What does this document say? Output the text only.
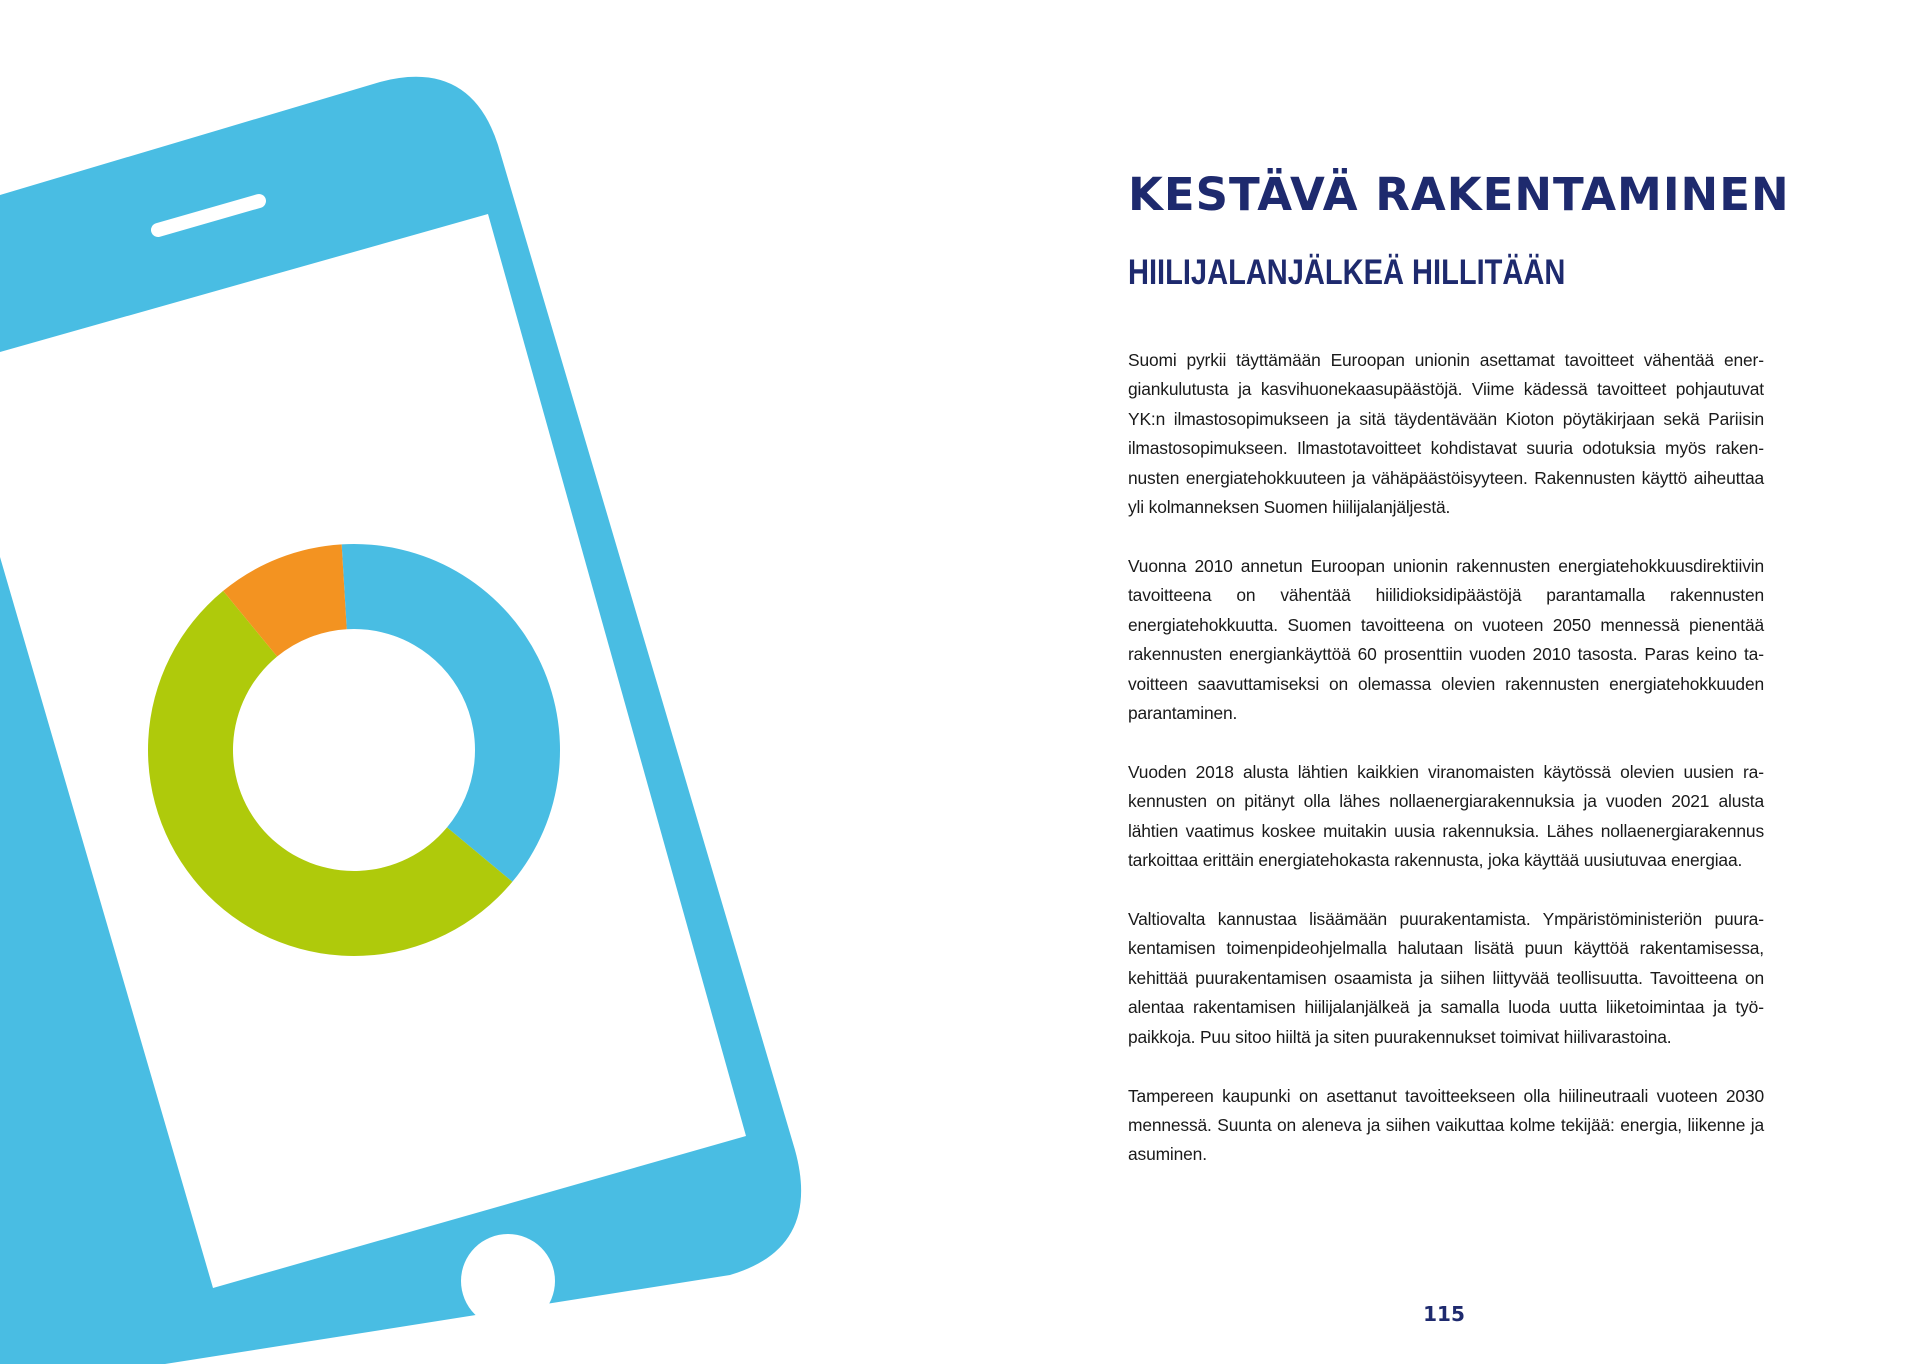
KESTÄVÄ RAKENTAMINEN
HIILIJALANJÄLKEÄ HILLITÄÄN

Suomi pyrkii täyttämään Euroopan unionin asettamat tavoitteet vähentää energiankulutusta ja kasvihuonekaasupäästöjä. Viime kädessä tavoitteet pohjautuvat YK:n ilmastosopimukseen ja sitä täydentävään Kioton pöytäkirjaan sekä Pariisin ilmastosopimukseen. Ilmastotavoitteet kohdistavat suuria odotuksia myös rakennusten energiatehokkuuteen ja vähäpäästöisyyteen. Rakennusten käyttö aiheuttaa yli kolmanneksen Suomen hiilijalanjäljestä.

Vuonna 2010 annetun Euroopan unionin rakennusten energiatehokkuusdirektiivin tavoitteena on vähentää hiilidioksidipäästöjä parantamalla rakennusten energiatehokkuutta. Suomen tavoitteena on vuoteen 2050 mennessä pienentää rakennusten energiankäyttöä 60 prosenttiin vuoden 2010 tasosta. Paras keino tavoitteen saavuttamiseksi on olemassa olevien rakennusten energiatehokkuuden parantaminen.

Vuoden 2018 alusta lähtien kaikkien viranomaisten käytössä olevien uusien rakennusten on pitänyt olla lähes nollaenergiarakennuksia ja vuoden 2021 alusta lähtien vaatimus koskee muitakin uusia rakennuksia. Lähes nollaenergiarakennus tarkoittaa erittäin energiatehokasta rakennusta, joka käyttää uusiutuvaa energiaa.

Valtiovalta kannustaa lisäämään puurakentamista. Ympäristöministeriön puurakentamisen toimenpideohjelmalla halutaan lisätä puun käyttöä rakentamisessa, kehittää puurakentamisen osaamista ja siihen liittyvää teollisuutta. Tavoitteena on alentaa rakentamisen hiilijalanjälkeä ja samalla luoda uutta liiketoimintaa ja työpaikkoja. Puu sitoo hiiltä ja siten puurakennukset toimivat hiilivarastoina.

Tampereen kaupunki on asettanut tavoitteekseen olla hiilineutraali vuoteen 2030 mennessä. Suunta on aleneva ja siihen vaikuttaa kolme tekijää: energia, liikenne ja asuminen.

115
